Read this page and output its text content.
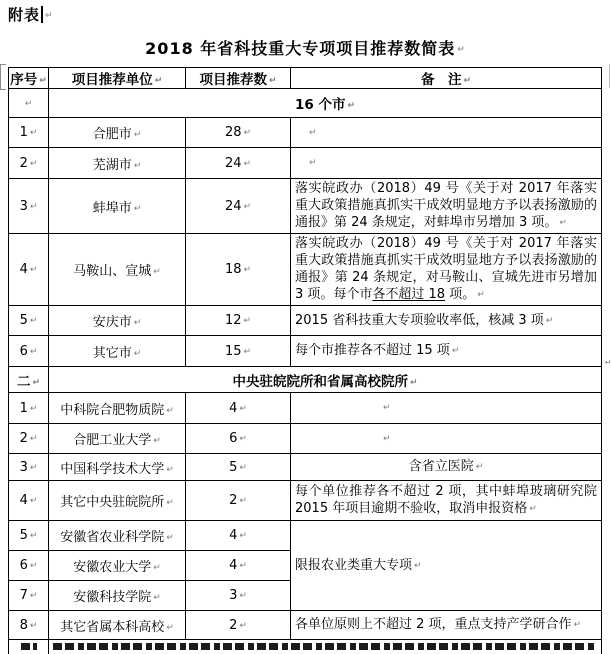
附表 ↵
2018 年省科技重大专项项目推荐数简表 ↵
序号 ↵	项目推荐单位 ↵	项目推荐数 ↵	备　注 ↵

↵	16 个市 ↵

1 ↵	合肥市 ↵	28 ↵	↵

2 ↵	芜湖市 ↵	24 ↵	↵

3 ↵	蚌埠市 ↵	24 ↵	落实皖政办（2018）49 号《关于对 2017 年落实重大政策措施真抓实干成效明显地方予以表扬激励的通报》第 24 条规定，对蚌埠市另增加 3 项。 ↵

4 ↵	马鞍山、宣城 ↵	18 ↵	落实皖政办（2018）49 号《关于对 2017 年落实重大政策措施真抓实干成效明显地方予以表扬激励的通报》第 24 条规定，对马鞍山、宣城先进市另增加 3 项。每个市各不超过 18 项。 ↵

5 ↵	安庆市 ↵	12 ↵	2015 省科技重大专项验收率低，核减 3 项 ↵

6 ↵	其它市 ↵	15 ↵	每个市推荐各不超过 15 项 ↵

二 ↵	中央驻皖院所和省属高校院所 ↵

1 ↵	中科院合肥物质院 ↵	4 ↵	↵

2 ↵	合肥工业大学 ↵	6 ↵	↵

3 ↵	中国科学技术大学 ↵	5 ↵	含省立医院 ↵

4 ↵	其它中央驻皖院所 ↵	2 ↵	每个单位推荐各不超过 2 项，其中蚌埠玻璃研究院 2015 年项目逾期不验收，取消申报资格 ↵

5 ↵	安徽省农业科学院 ↵	4 ↵	限报农业类重大专项 ↵

6 ↵	安徽农业大学 ↵	4 ↵
7 ↵	安徽科技学院 ↵	3 ↵
8 ↵	其它省属本科高校 ↵	2 ↵	各单位原则上不超过 2 项，重点支持产学研合作 ↵
